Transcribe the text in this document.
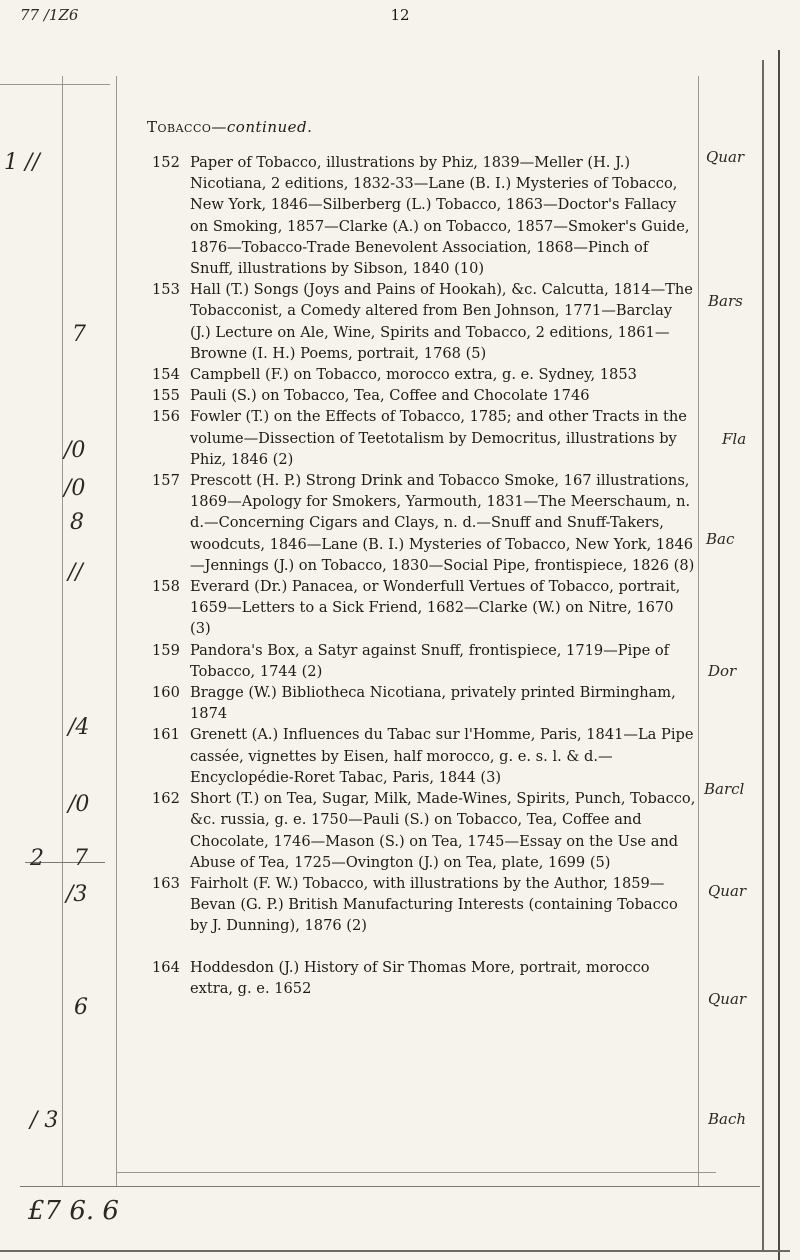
12
77 /1Z6
Tobacco—continued.

152 Paper of Tobacco, illustrations by Phiz, 1839—Meller (H. J.) Nicotiana, 2 editions, 1832-33—Lane (B. I.) Mysteries of Tobacco, New York, 1846—Silberberg (L.) Tobacco, 1863—Doctor's Fallacy on Smoking, 1857—Clarke (A.) on Tobacco, 1857—Smoker's Guide, 1876—Tobacco-Trade Benevolent Association, 1868—Pinch of Snuff, illustrations by Sibson, 1840 (10)

153 Hall (T.) Songs (Joys and Pains of Hookah), &c. Calcutta, 1814—The Tobacconist, a Comedy altered from Ben Johnson, 1771—Barclay (J.) Lecture on Ale, Wine, Spirits and Tobacco, 2 editions, 1861—Browne (I. H.) Poems, portrait, 1768 (5)

154 Campbell (F.) on Tobacco, morocco extra, g. e. Sydney, 1853

155 Pauli (S.) on Tobacco, Tea, Coffee and Chocolate 1746

156 Fowler (T.) on the Effects of Tobacco, 1785; and other Tracts in the volume—Dissection of Teetotalism by Democritus, illustrations by Phiz, 1846 (2)

157 Prescott (H. P.) Strong Drink and Tobacco Smoke, 167 illustrations, 1869—Apology for Smokers, Yarmouth, 1831—The Meerschaum, n. d.—Concerning Cigars and Clays, n. d.—Snuff and Snuff-Takers, woodcuts, 1846—Lane (B. I.) Mysteries of Tobacco, New York, 1846—Jennings (J.) on Tobacco, 1830—Social Pipe, frontispiece, 1826 (8)

158 Everard (Dr.) Panacea, or Wonderfull Vertues of Tobacco, portrait, 1659—Letters to a Sick Friend, 1682—Clarke (W.) on Nitre, 1670 (3)

159 Pandora's Box, a Satyr against Snuff, frontispiece, 1719—Pipe of Tobacco, 1744 (2)

160 Bragge (W.) Bibliotheca Nicotiana, privately printed Birmingham, 1874

161 Grenett (A.) Influences du Tabac sur l'Homme, Paris, 1841—La Pipe cassée, vignettes by Eisen, half morocco, g. e. s. l. & d.—Encyclopédie-Roret Tabac, Paris, 1844 (3)

162 Short (T.) on Tea, Sugar, Milk, Made-Wines, Spirits, Punch, Tobacco, &c. russia, g. e. 1750—Pauli (S.) on Tobacco, Tea, Coffee and Chocolate, 1746—Mason (S.) on Tea, 1745—Essay on the Use and Abuse of Tea, 1725—Ovington (J.) on Tea, plate, 1699 (5)

163 Fairholt (F. W.) Tobacco, with illustrations by the Author, 1859—Bevan (G. P.) British Manufacturing Interests (containing Tobacco by J. Dunning), 1876 (2)

164 Hoddesdon (J.) History of Sir Thomas More, portrait, morocco extra, g. e. 1652

1 //
7
/0
/0
8
//
/4
/0
7
/3
2
6
/ 3
£7 6. 6
Quar
Bars
Fla
Bac
Dor
Barcl
Quar
Quar
Bach
